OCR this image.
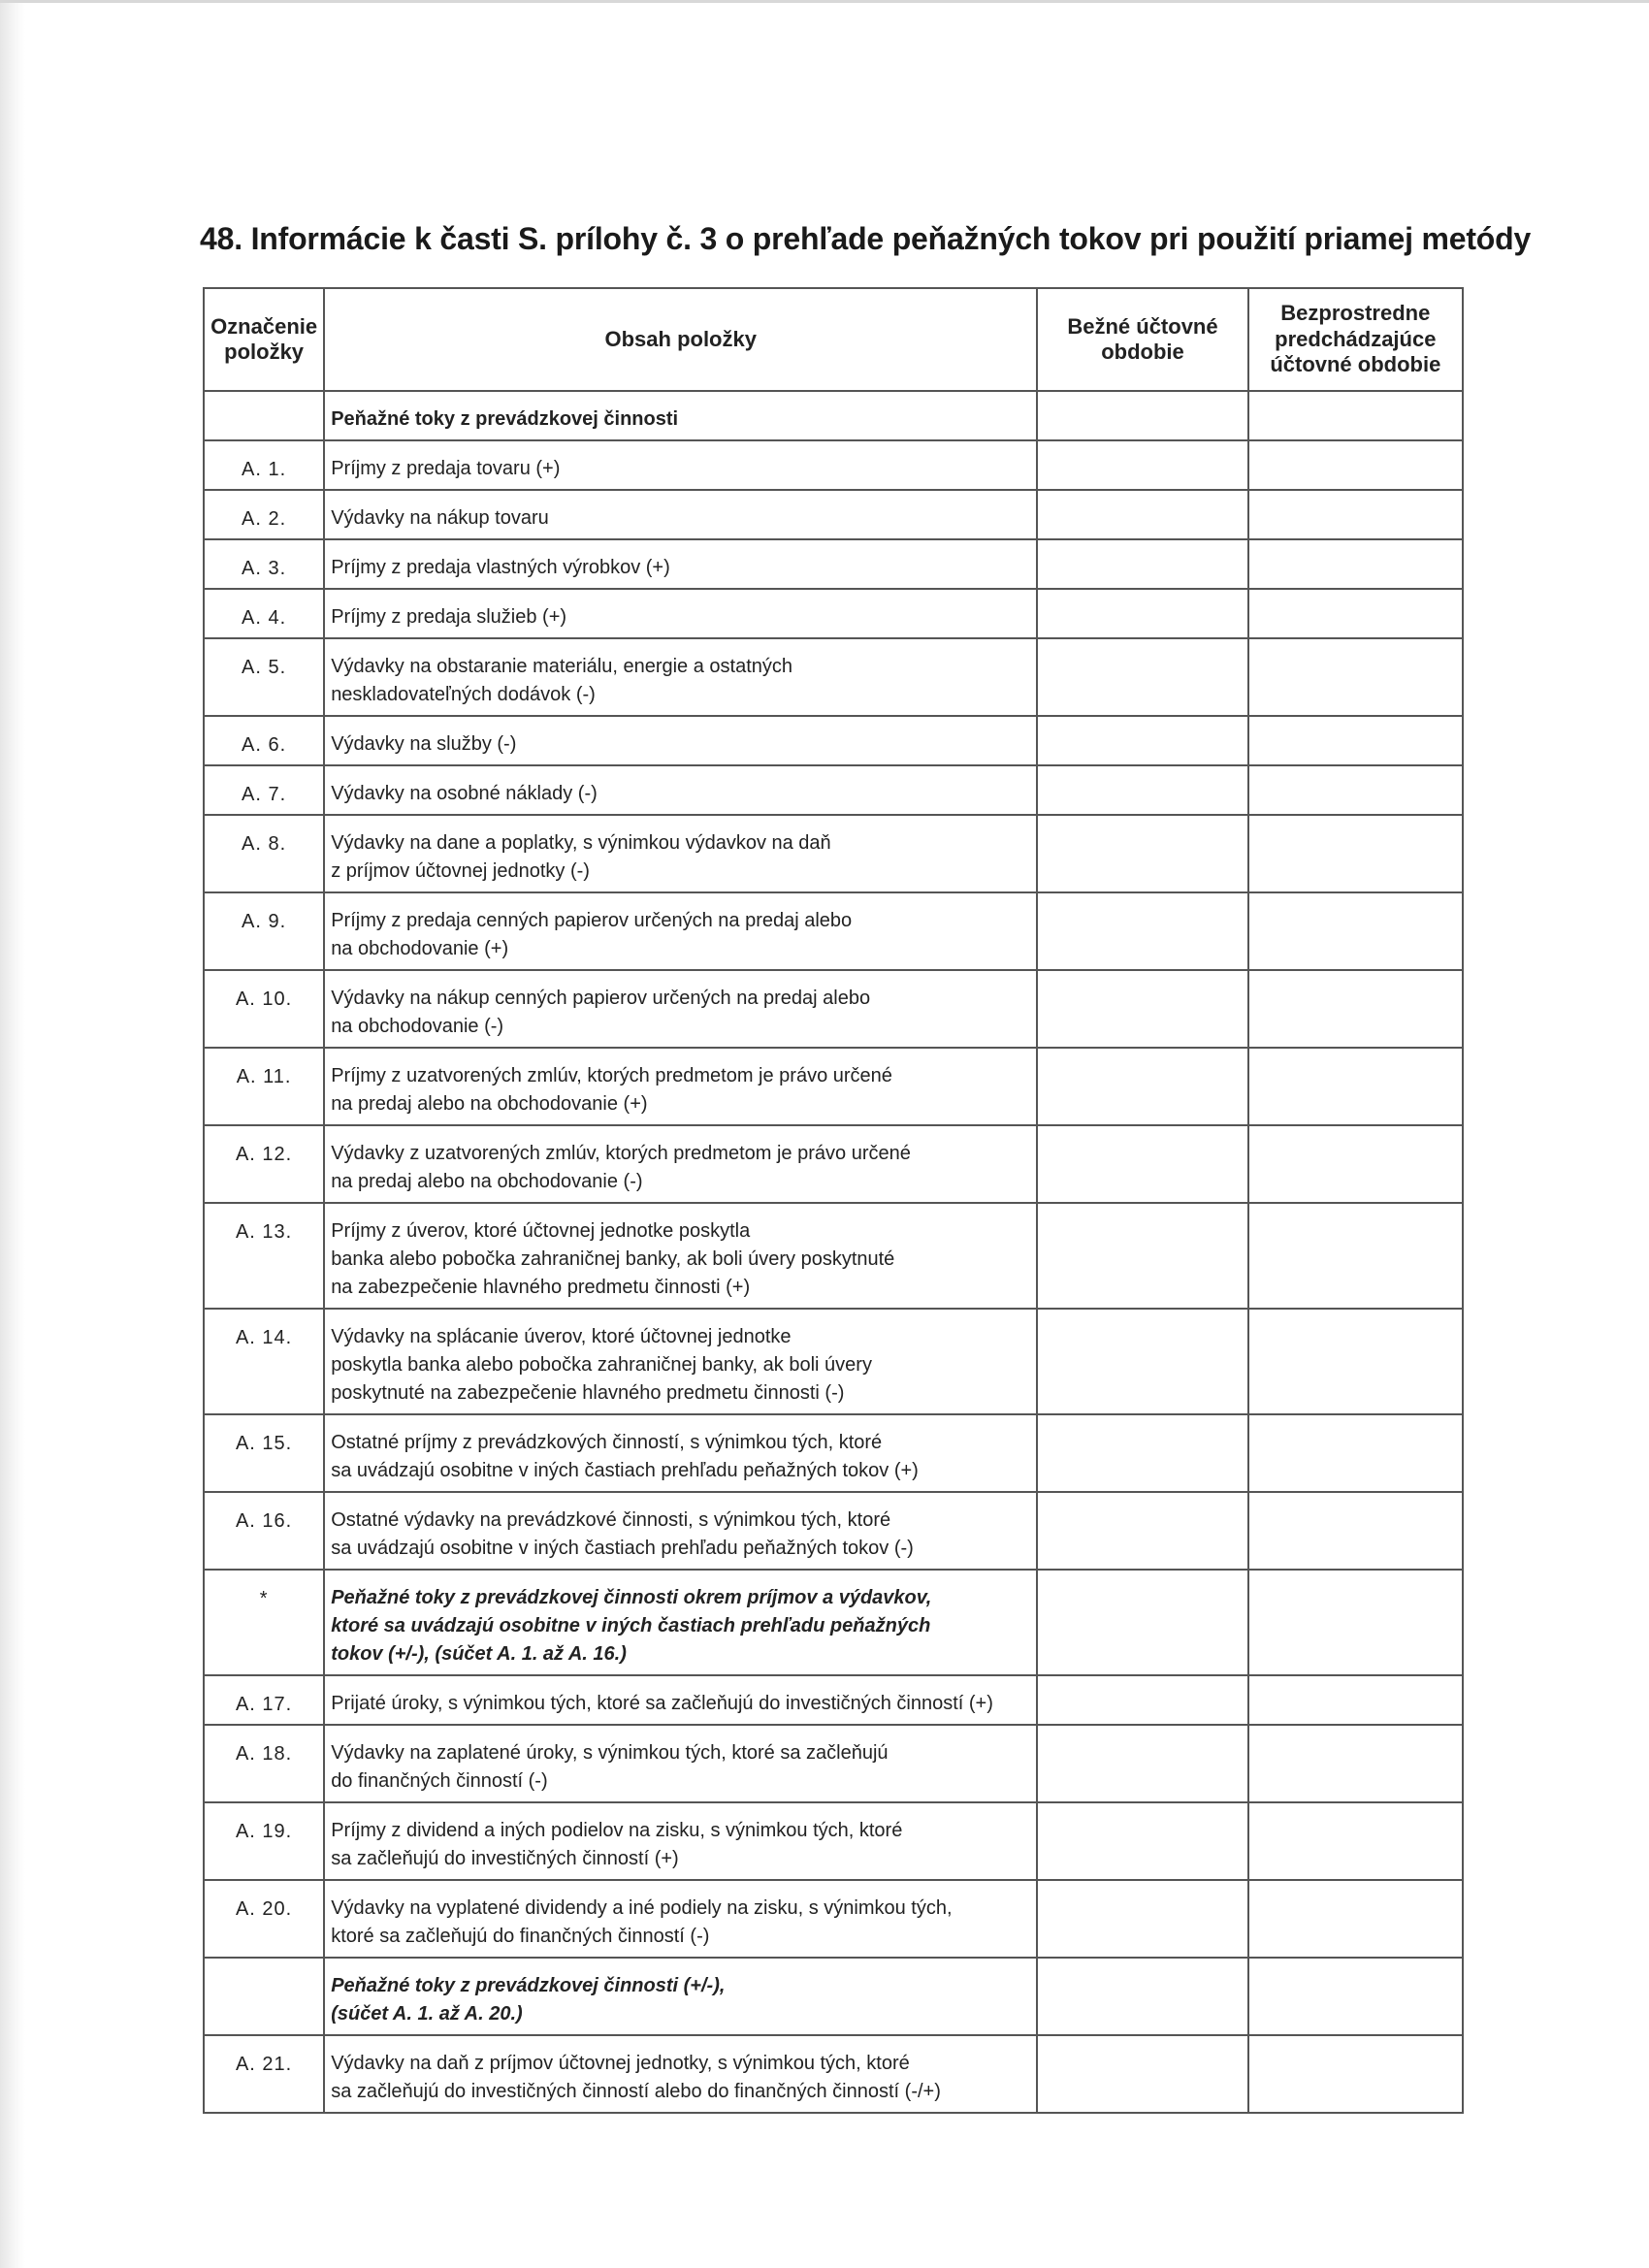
48. Informácie k časti S. prílohy č. 3 o prehľade peňažných tokov pri použití priamej metódy
Označenie položky	Obsah položky	Bežné účtovné obdobie	Bezprostredne predchádzajúce účtovné obdobie
	Peňažné toky z prevádzkovej činnosti		
A. 1.	Príjmy z predaja tovaru (+)		
A. 2.	Výdavky na nákup tovaru		
A. 3.	Príjmy z predaja vlastných výrobkov (+)		
A. 4.	Príjmy z predaja služieb (+)		
A. 5.	Výdavky na obstaranie materiálu, energie a ostatných
neskladovateľných dodávok (-)		
A. 6.	Výdavky na služby (-)		
A. 7.	Výdavky na osobné náklady (-)		
A. 8.	Výdavky na dane a poplatky, s výnimkou výdavkov na daň
z príjmov účtovnej jednotky (-)		
A. 9.	Príjmy z predaja cenných papierov určených na predaj alebo
na obchodovanie (+)		
A. 10.	Výdavky na nákup cenných papierov určených na predaj alebo
na obchodovanie (-)		
A. 11.	Príjmy z uzatvorených zmlúv, ktorých predmetom je právo určené
na predaj alebo na obchodovanie (+)		
A. 12.	Výdavky z uzatvorených zmlúv, ktorých predmetom je právo určené
na predaj alebo na obchodovanie (-)		
A. 13.	Príjmy z úverov, ktoré účtovnej jednotke poskytla
banka alebo pobočka zahraničnej banky, ak boli úvery poskytnuté
na zabezpečenie hlavného predmetu činnosti (+)		
A. 14.	Výdavky na splácanie úverov, ktoré účtovnej jednotke
poskytla banka alebo pobočka zahraničnej banky, ak boli úvery
poskytnuté na zabezpečenie hlavného predmetu činnosti (-)		
A. 15.	Ostatné príjmy z prevádzkových činností, s výnimkou tých, ktoré
sa uvádzajú osobitne v iných častiach prehľadu peňažných tokov (+)		
A. 16.	Ostatné výdavky na prevádzkové činnosti, s výnimkou tých, ktoré
sa uvádzajú osobitne v iných častiach prehľadu peňažných tokov (-)		
*	Peňažné toky z prevádzkovej činnosti okrem príjmov a výdavkov,
ktoré sa uvádzajú osobitne v iných častiach prehľadu peňažných
tokov (+/-), (súčet A. 1. až A. 16.)		
A. 17.	Prijaté úroky, s výnimkou tých, ktoré sa začleňujú do investičných činností (+)		
A. 18.	Výdavky na zaplatené úroky, s výnimkou tých, ktoré sa začleňujú
do finančných činností (-)		
A. 19.	Príjmy z dividend a iných podielov na zisku, s výnimkou tých, ktoré
sa začleňujú do investičných činností (+)		
A. 20.	Výdavky na vyplatené dividendy a iné podiely na zisku, s výnimkou tých,
ktoré sa začleňujú do finančných činností (-)		
	Peňažné toky z prevádzkovej činnosti (+/-),
(súčet A. 1. až A. 20.)		
A. 21.	Výdavky na daň z príjmov účtovnej jednotky, s výnimkou tých, ktoré
sa začleňujú do investičných činností alebo do finančných činností (-/+)		
